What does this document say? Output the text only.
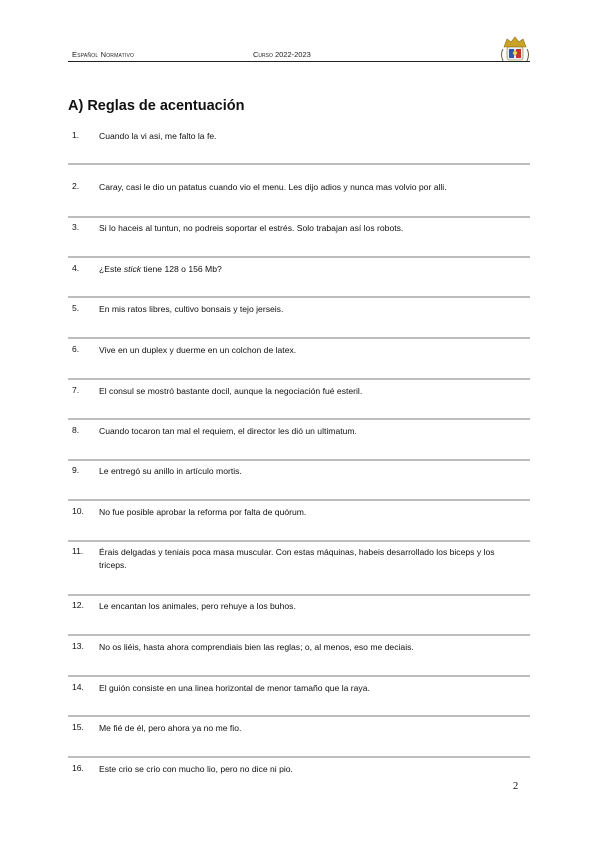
Español Normativo	Curso 2022-2023
A) Reglas de acentuación
1. Cuando la vi asi, me falto la fe.
2. Caray, casi le dio un patatus cuando vio el menu. Les dijo adios y nunca mas volvio por alli.
3. Si lo haceis al tuntun, no podreis soportar el estrés. Solo trabajan así los robots.
4. ¿Este stick tiene 128 o 156 Mb?
5. En mis ratos libres, cultivo bonsais y tejo jerseis.
6. Vive en un duplex y duerme en un colchon de latex.
7. El consul se mostró bastante docil, aunque la negociación fué esteril.
8. Cuando tocaron tan mal el requiem, el director les dió un ultimatum.
9. Le entregó su anillo in artículo mortis.
10. No fue posible aprobar la reforma por falta de quórum.
11. Érais delgadas y teniais poca masa muscular. Con estas máquinas, habeis desarrollado los biceps y los triceps.
12. Le encantan los animales, pero rehuye a los buhos.
13. No os liéis, hasta ahora comprendiais bien las reglas; o, al menos, eso me deciais.
14. El guión consiste en una linea horizontal de menor tamaño que la raya.
15. Me fié de él, pero ahora ya no me fio.
16. Este crio se crio con mucho lio, pero no dice ni pio.
2
